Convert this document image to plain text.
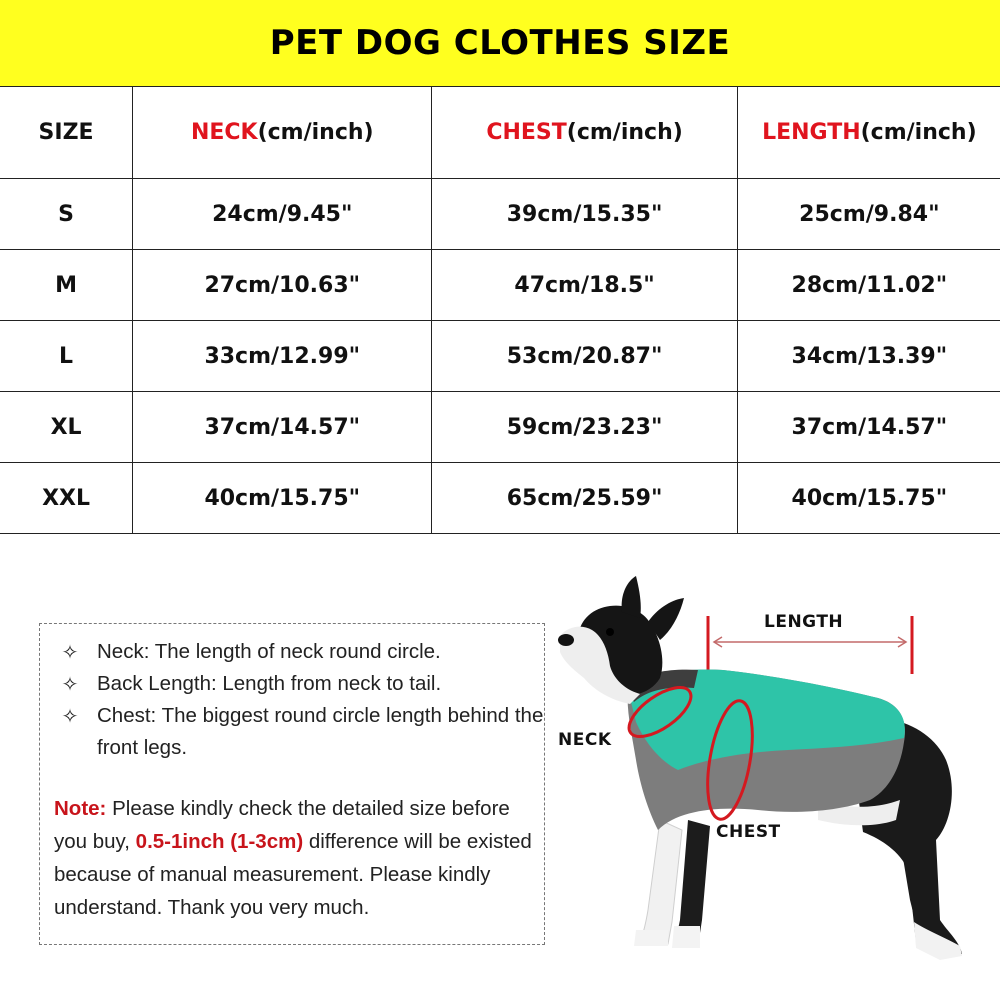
PET DOG CLOTHES SIZE
SIZE	NECK(cm/inch)	CHEST(cm/inch)	LENGTH(cm/inch)
S	24cm/9.45"	39cm/15.35"	25cm/9.84"
M	27cm/10.63"	47cm/18.5"	28cm/11.02"
L	33cm/12.99"	53cm/20.87"	34cm/13.39"
XL	37cm/14.57"	59cm/23.23"	37cm/14.57"
XXL	40cm/15.75"	65cm/25.59"	40cm/15.75"
✧ Neck: The length of neck round circle.
✧ Back Length: Length from neck to tail.
✧ Chest: The biggest round circle length behind the front legs.
Note: Please kindly check the detailed size before you buy, 0.5-1inch (1-3cm) difference will be existed because of manual measurement. Please kindly understand. Thank you very much.
LENGTH
NECK
CHEST
